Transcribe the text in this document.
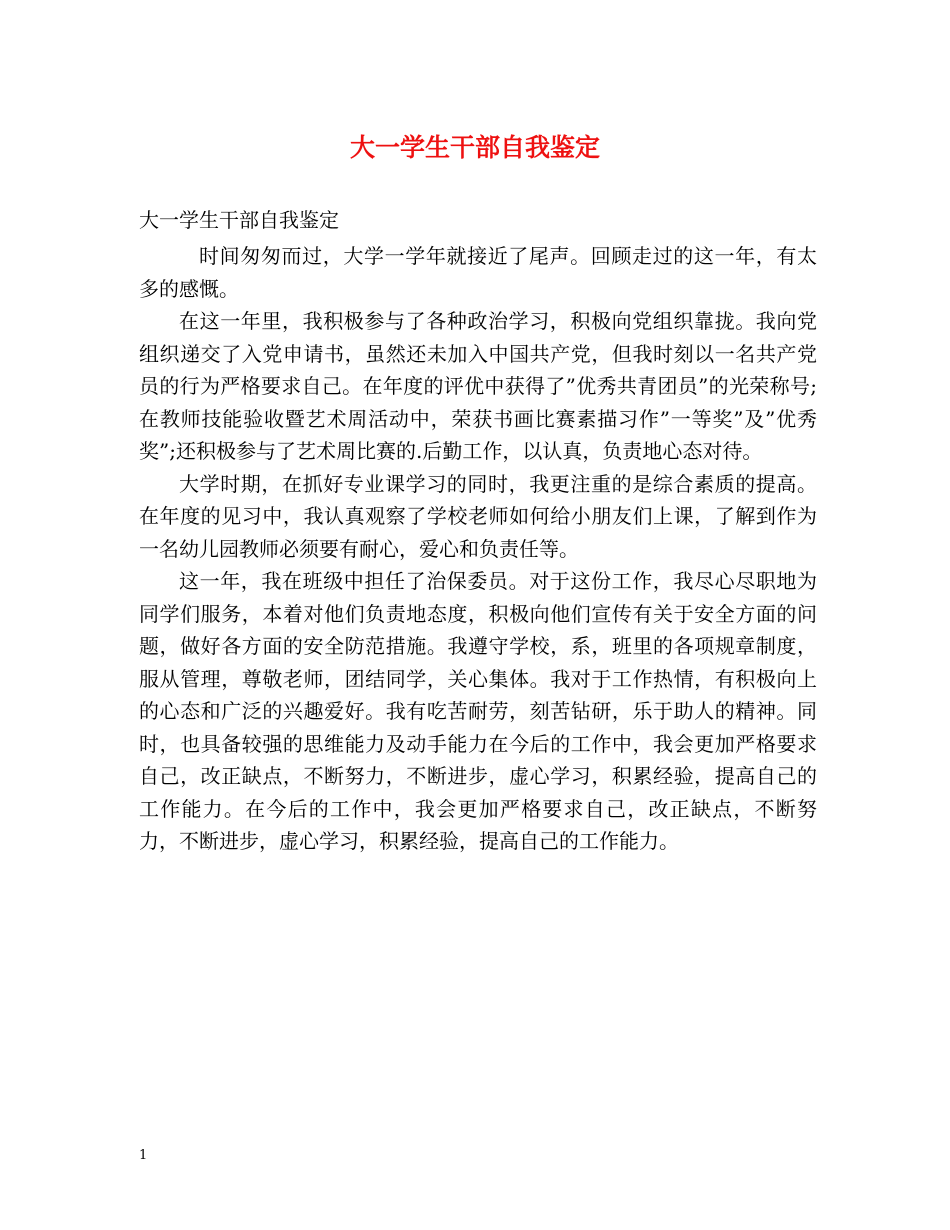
大一学生干部自我鉴定

大一学生干部自我鉴定

时间匆匆而过，大学一学年就接近了尾声。回顾走过的这一年，有太多的感慨。

在这一年里，我积极参与了各种政治学习，积极向党组织靠拢。我向党组织递交了入党申请书，虽然还未加入中国共产党，但我时刻以一名共产党员的行为严格要求自己。在年度的评优中获得了”优秀共青团员”的光荣称号;在教师技能验收暨艺术周活动中，荣获书画比赛素描习作”一等奖”及”优秀奖”;还积极参与了艺术周比赛的.后勤工作，以认真，负责地心态对待。

大学时期，在抓好专业课学习的同时，我更注重的是综合素质的提高。在年度的见习中，我认真观察了学校老师如何给小朋友们上课，了解到作为一名幼儿园教师必须要有耐心，爱心和负责任等。

这一年，我在班级中担任了治保委员。对于这份工作，我尽心尽职地为同学们服务，本着对他们负责地态度，积极向他们宣传有关于安全方面的问题，做好各方面的安全防范措施。我遵守学校，系，班里的各项规章制度，服从管理，尊敬老师，团结同学，关心集体。我对于工作热情，有积极向上的心态和广泛的兴趣爱好。我有吃苦耐劳，刻苦钻研，乐于助人的精神。同时，也具备较强的思维能力及动手能力在今后的工作中，我会更加严格要求自己，改正缺点，不断努力，不断进步，虚心学习，积累经验，提高自己的工作能力。在今后的工作中，我会更加严格要求自己，改正缺点，不断努力，不断进步，虚心学习，积累经验，提高自己的工作能力。

1
